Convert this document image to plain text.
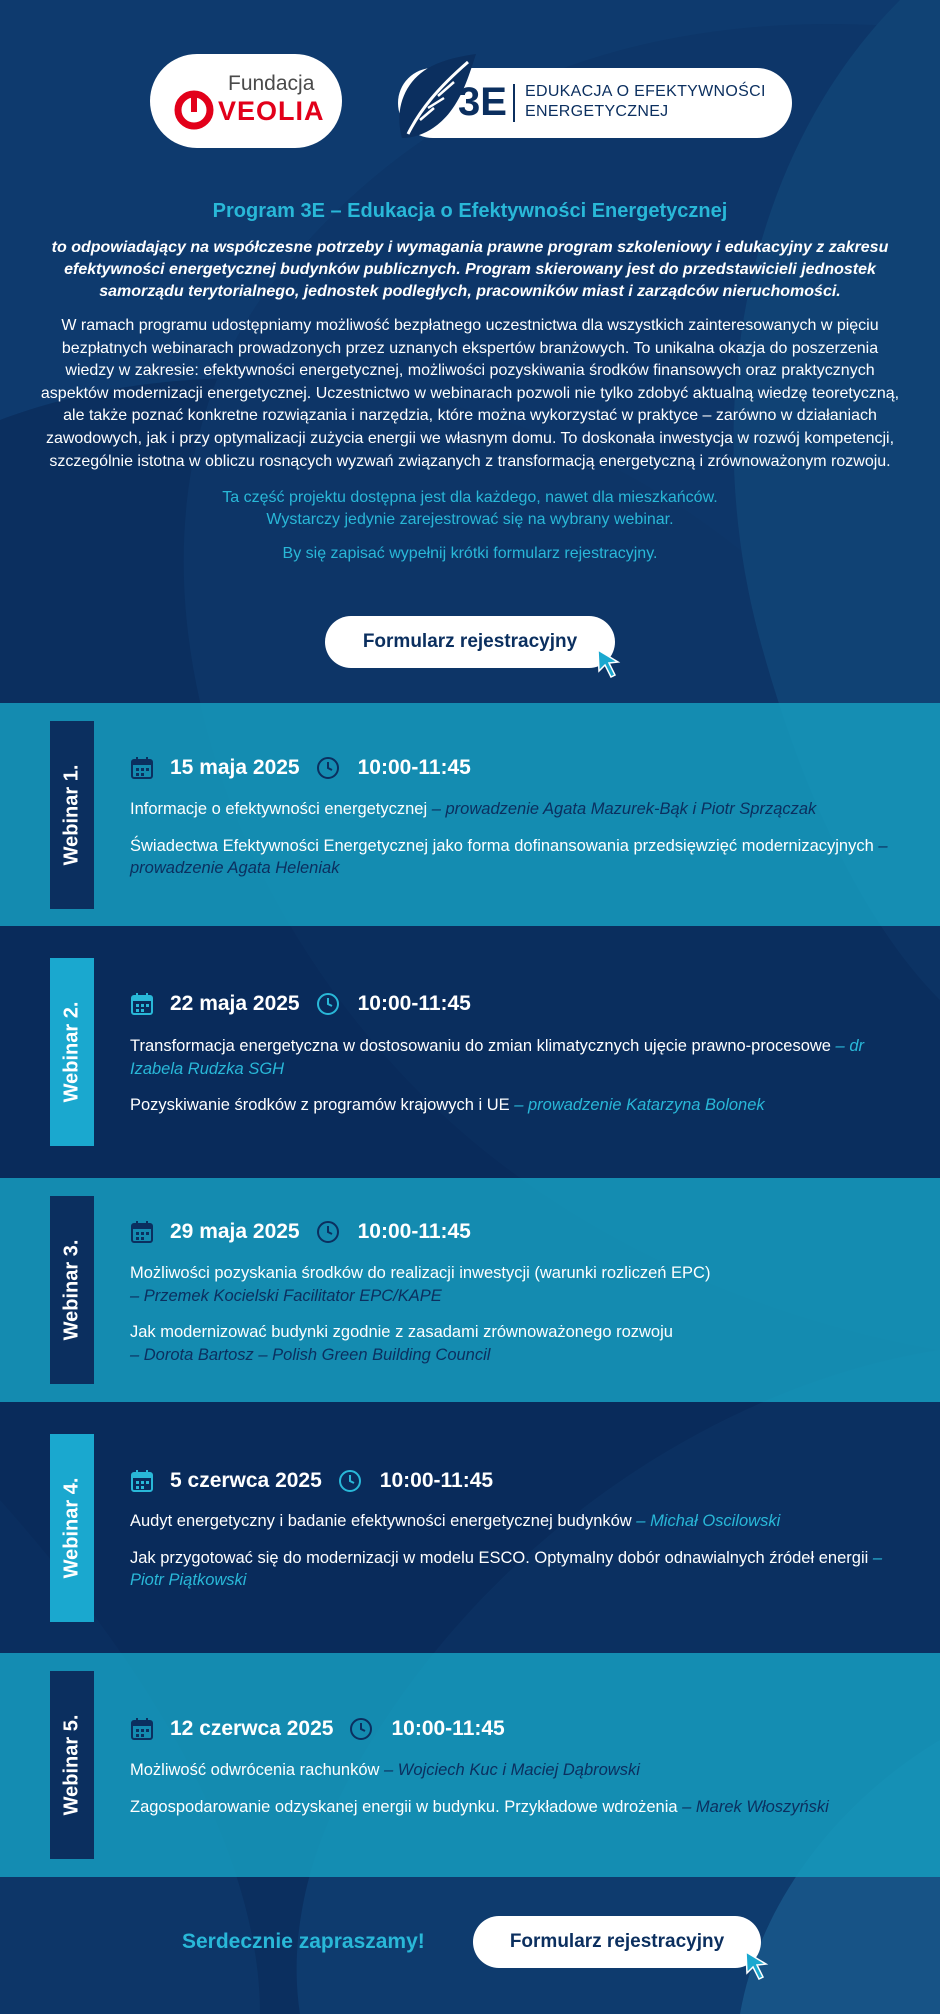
Fundacja
VEOLIA	3E EDUKACJA O EFEKTYWNOŚCI
ENERGETYCZNEJ
Program 3E – Edukacja o Efektywności Energetycznej
to odpowiadający na współczesne potrzeby i wymagania prawne program szkoleniowy i edukacyjny z zakresu efektywności energetycznej budynków publicznych. Program skierowany jest do przedstawicieli jednostek samorządu terytorialnego, jednostek podległych, pracowników miast i zarządców nieruchomości.
W ramach programu udostępniamy możliwość bezpłatnego uczestnictwa dla wszystkich zainteresowanych w pięciu bezpłatnych webinarach prowadzonych przez uznanych ekspertów branżowych. To unikalna okazja do poszerzenia wiedzy w zakresie: efektywności energetycznej, możliwości pozyskiwania środków finansowych oraz praktycznych aspektów modernizacji energetycznej. Uczestnictwo w webinarach pozwoli nie tylko zdobyć aktualną wiedzę teoretyczną, ale także poznać konkretne rozwiązania i narzędzia, które można wykorzystać w praktyce – zarówno w działaniach zawodowych, jak i przy optymalizacji zużycia energii we własnym domu. To doskonała inwestycja w rozwój kompetencji, szczególnie istotna w obliczu rosnących wyzwań związanych z transformacją energetyczną i zrównoważonym rozwoju.
Ta część projektu dostępna jest dla każdego, nawet dla mieszkańców.
Wystarczy jedynie zarejestrować się na wybrany webinar.
By się zapisać wypełnij krótki formularz rejestracyjny.
Formularz rejestracyjny
Webinar 1.	15 maja 2025	10:00-11:45

Informacje o efektywności energetycznej – prowadzenie Agata Mazurek-Bąk i Piotr Sprzączak

Świadectwa Efektywności Energetycznej jako forma dofinansowania przedsięwzięć modernizacyjnych – prowadzenie Agata Heleniak

Webinar 2.	22 maja 2025	10:00-11:45

Transformacja energetyczna w dostosowaniu do zmian klimatycznych ujęcie prawno-procesowe – dr Izabela Rudzka SGH

Pozyskiwanie środków z programów krajowych i UE – prowadzenie Katarzyna Bolonek

Webinar 3.
29 maja 2025	10:00-11:45

Możliwości pozyskania środków do realizacji inwestycji (warunki rozliczeń EPC)
– Przemek Kocielski Facilitator EPC/KAPE

Jak modernizować budynki zgodnie z zasadami zrównoważonego rozwoju
– Dorota Bartosz – Polish Green Building Council

Webinar 4.	5 czerwca 2025	10:00-11:45

Audyt energetyczny i badanie efektywności energetycznej budynków – Michał Oscilowski

Jak przygotować się do modernizacji w modelu ESCO. Optymalny dobór odnawialnych źródeł energii – Piotr Piątkowski

Webinar 5.	12 czerwca 2025	10:00-11:45

Możliwość odwrócenia rachunków – Wojciech Kuc i Maciej Dąbrowski

Zagospodarowanie odzyskanej energii w budynku. Przykładowe wdrożenia – Marek Włoszyński

Serdecznie zapraszamy!	Formularz rejestracyjny
